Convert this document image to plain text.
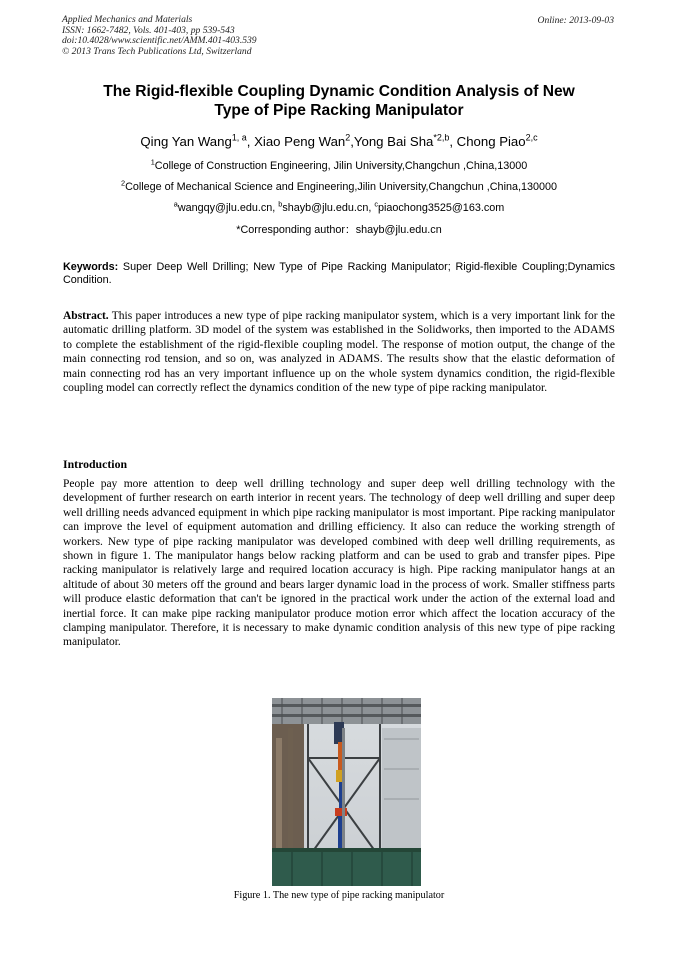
Applied Mechanics and Materials
ISSN: 1662-7482, Vols. 401-403, pp 539-543
doi:10.4028/www.scientific.net/AMM.401-403.539
© 2013 Trans Tech Publications Ltd, Switzerland
Online: 2013-09-03
The Rigid-flexible Coupling Dynamic Condition Analysis of New
Type of Pipe Racking Manipulator
Qing Yan Wang$^{1, a}$, Xiao Peng Wan$^2$,Yong Bai Sha$^{*2,b}$, Chong Piao$^{2,c}$
$^1$College of Construction Engineering, Jilin University,Changchun ,China,13000
$^2$College of Mechanical Science and Engineering,Jilin University,Changchun ,China,130000
$^a$wangqy@jlu.edu.cn, $^b$shayb@jlu.edu.cn, $^c$piaochong3525@163.com
*Corresponding author：shayb@jlu.edu.cn
Keywords: Super Deep Well Drilling; New Type of Pipe Racking Manipulator; Rigid-flexible Coupling;Dynamics Condition.
Abstract. This paper introduces a new type of pipe racking manipulator system, which is a very important link for the automatic drilling platform. 3D model of the system was established in the Solidworks, then imported to the ADAMS to complete the establishment of the rigid-flexible coupling model. The response of motion output, the change of the main connecting rod tension, and so on, was analyzed in ADAMS. The results show that the elastic deformation of main connecting rod has an very important influence up on the whole system dynamics condition, the rigid-flexible coupling model can correctly reflect the dynamics condition of the new type of pipe racking manipulator.
Introduction
People pay more attention to deep well drilling technology and super deep well drilling technology with the development of further research on earth interior in recent years. The technology of deep well drilling and super deep well drilling needs advanced equipment in which pipe racking manipulator is most important. Pipe racking manipulator can improve the level of equipment automation and drilling efficiency. It also can reduce the working strength of workers. New type of pipe racking manipulator was developed combined with deep well drilling requirements, as shown in figure 1. The manipulator hangs below racking platform and can be used to grab and transfer pipes. Pipe racking manipulator is relatively large and required location accuracy is high. Pipe racking manipulator hangs at an altitude of about 30 meters off the ground and bears larger dynamic load in the process of work. Smaller stiffness parts will produce elastic deformation that can't be ignored in the practical work under the action of the external load and inertial force. It can make pipe racking manipulator produce motion error which affect the location accuracy of the clamping manipulator. Therefore, it is necessary to make dynamic condition analysis of this new type of pipe racking manipulator.
Figure 1. The new type of pipe racking manipulator
